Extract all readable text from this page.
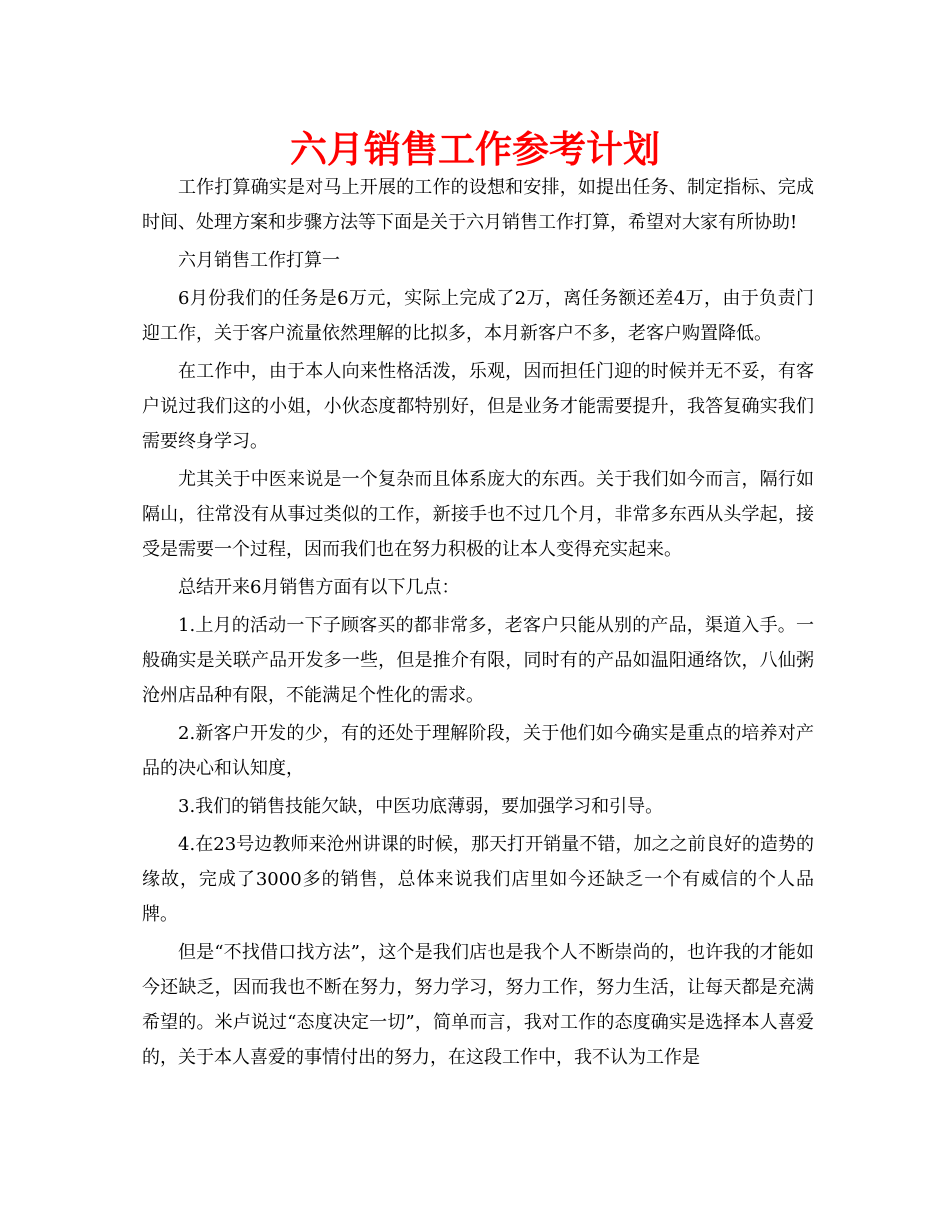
六月销售工作参考计划

工作打算确实是对马上开展的工作的设想和安排，如提出任务、制定指标、完成时间、处理方案和步骤方法等下面是关于六月销售工作打算，希望对大家有所协助!

六月销售工作打算一

6月份我们的任务是6万元，实际上完成了2万，离任务额还差4万，由于负责门迎工作，关于客户流量依然理解的比拟多，本月新客户不多，老客户购置降低。

在工作中，由于本人向来性格活泼，乐观，因而担任门迎的时候并无不妥，有客户说过我们这的小姐，小伙态度都特别好，但是业务才能需要提升，我答复确实我们需要终身学习。

尤其关于中医来说是一个复杂而且体系庞大的东西。关于我们如今而言，隔行如隔山，往常没有从事过类似的工作，新接手也不过几个月，非常多东西从头学起，接受是需要一个过程，因而我们也在努力积极的让本人变得充实起来。

总结开来6月销售方面有以下几点：

1.上月的活动一下子顾客买的都非常多，老客户只能从别的产品，渠道入手。一般确实是关联产品开发多一些，但是推介有限，同时有的产品如温阳通络饮，八仙粥沧州店品种有限，不能满足个性化的需求。

2.新客户开发的少，有的还处于理解阶段，关于他们如今确实是重点的培养对产品的决心和认知度，

3.我们的销售技能欠缺，中医功底薄弱，要加强学习和引导。

4.在23号边教师来沧州讲课的时候，那天打开销量不错，加之之前良好的造势的缘故，完成了3000多的销售，总体来说我们店里如今还缺乏一个有威信的个人品牌。

但是“不找借口找方法”，这个是我们店也是我个人不断崇尚的，也许我的才能如今还缺乏，因而我也不断在努力，努力学习，努力工作，努力生活，让每天都是充满希望的。米卢说过“态度决定一切”，简单而言，我对工作的态度确实是选择本人喜爱的，关于本人喜爱的事情付出的努力，在这段工作中，我不认为工作是
